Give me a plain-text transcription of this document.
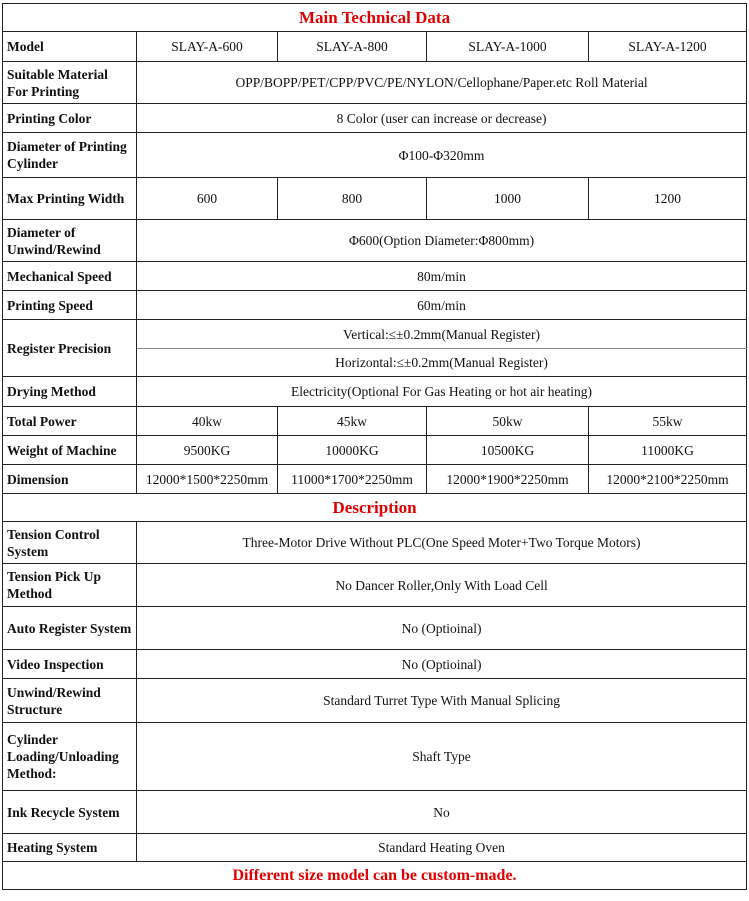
Main Technical Data				
Model	SLAY-A-600	SLAY-A-800	SLAY-A-1000	SLAY-A-1200
Suitable Material For Printing	OPP/BOPP/PET/CPP/PVC/PE/NYLON/Cellophane/Paper.etc Roll Material			
Printing Color	8 Color (user can increase or decrease)			
Diameter of Printing Cylinder	Φ100-Φ320mm			
Max Printing Width	600	800	1000	1200
Diameter of Unwind/Rewind	Φ600(Option Diameter:Φ800mm)			
Mechanical Speed	80m/min			
Printing Speed	60m/min			
Register Precision	Vertical:≤±0.2mm(Manual Register)			
	Horizontal:≤±0.2mm(Manual Register)			
Drying Method	Electricity(Optional For Gas Heating or hot air heating)			
Total Power	40kw	45kw	50kw	55kw
Weight of Machine	9500KG	10000KG	10500KG	11000KG
Dimension	12000*1500*2250mm	11000*1700*2250mm	12000*1900*2250mm	12000*2100*2250mm
Description				
Tension Control System	Three-Motor Drive Without PLC(One Speed Moter+Two Torque Motors)			
Tension Pick Up Method	No Dancer Roller,Only With Load Cell			
Auto Register System	No (Optioinal)			
Video Inspection	No (Optioinal)			
Unwind/Rewind Structure	Standard Turret Type With Manual Splicing			
Cylinder Loading/Unloading Method:	Shaft Type			
Ink Recycle System	No			
Heating System	Standard Heating Oven			
Different size model can be custom-made.				
